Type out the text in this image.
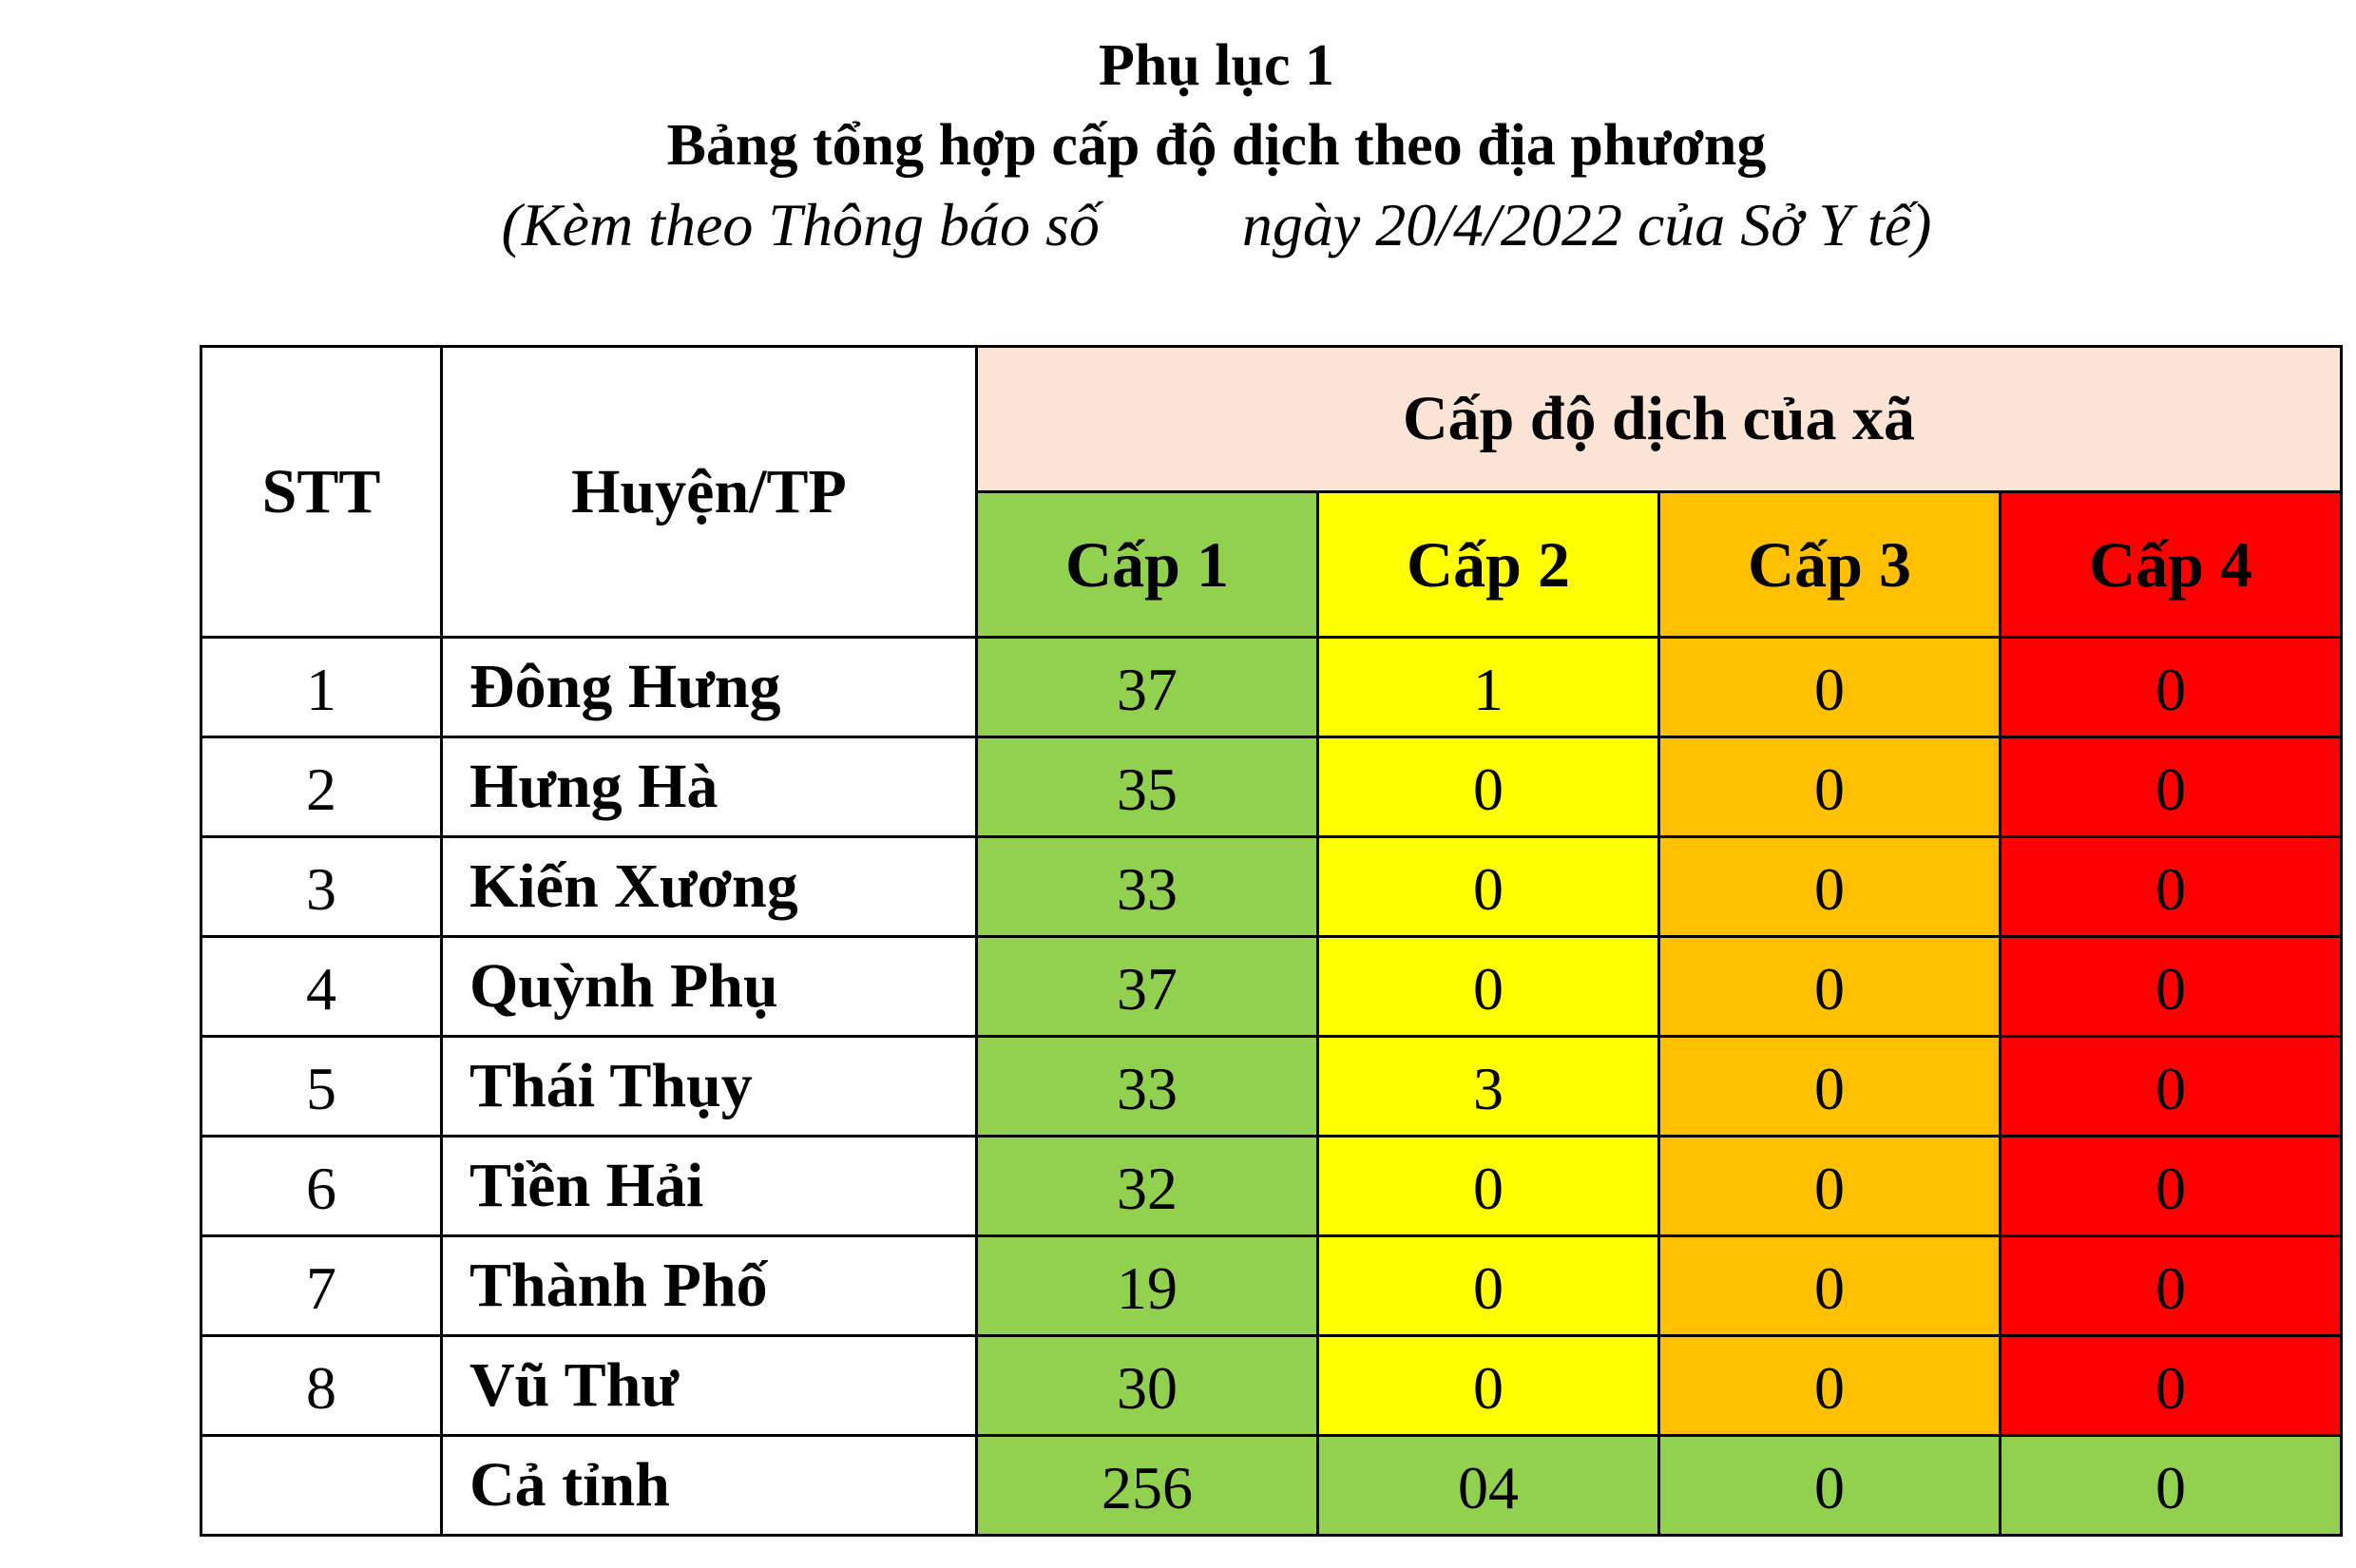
Phụ lục 1
Bảng tổng hợp cấp độ dịch theo địa phương
(Kèm theo Thông báo số ngày 20/4/2022 của Sở Y tế)
STT	Huyện/TP	Cấp độ dịch của xã			
		Cấp 1	Cấp 2	Cấp 3	Cấp 4
1	Đông Hưng	37	1	0	0
2	Hưng Hà	35	0	0	0
3	Kiến Xương	33	0	0	0
4	Quỳnh Phụ	37	0	0	0
5	Thái Thụy	33	3	0	0
6	Tiền Hải	32	0	0	0
7	Thành Phố	19	0	0	0
8	Vũ Thư	30	0	0	0
	Cả tỉnh	256	04	0	0
